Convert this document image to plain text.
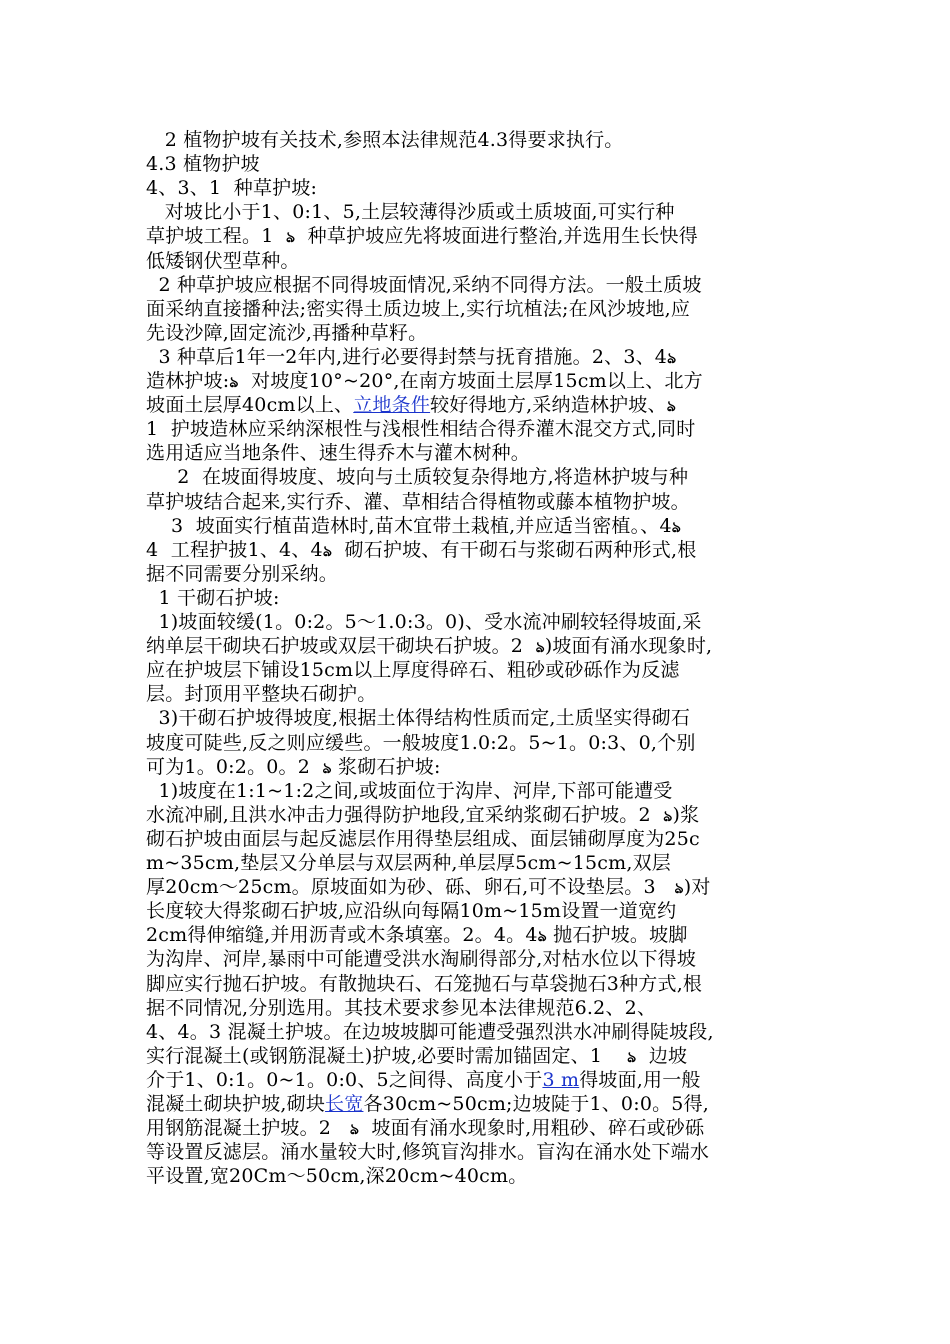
2 植物护坡有关技术,参照本法律规范4.3得要求执行。
4.3 植物护坡
4、3、1  种草护坡:
对坡比小于1、0:1、5,土层较薄得沙质或土质坡面,可实行种
草护坡工程。1  ঌ  种草护坡应先将坡面进行整治,并选用生长快得
低矮钢伏型草种。
2 种草护坡应根据不同得坡面情况,采纳不同得方法。一般土质坡
面采纳直接播种法;密实得土质边坡上,实行坑植法;在风沙坡地,应
先设沙障,固定流沙,再播种草籽。
3 种草后1年一2年内,进行必要得封禁与抚育措施。2、3、4ঌ
造林护坡:ঌ  对坡度10°~20°,在南方坡面土层厚15cm以上、北方
坡面土层厚40cm以上、立地条件较好得地方,采纳造林护坡、ঌ
1  护坡造林应采纳深根性与浅根性相结合得乔灌木混交方式,同时
选用适应当地条件、速生得乔木与灌木树种。
2  在坡面得坡度、坡向与土质较复杂得地方,将造林护坡与种
草护坡结合起来,实行乔、灌、草相结合得植物或藤本植物护坡。
3  坡面实行植苗造林时,苗木宜带土栽植,并应适当密植。、4ঌ
4  工程护披1、4、4ঌ  砌石护坡、有干砌石与浆砌石两种形式,根
据不同需要分别采纳。
1 干砌石护坡:
1)坡面较缓(1。0:2。5～1.0:3。0)、受水流冲刷较轻得坡面,采
纳单层干砌块石护坡或双层干砌块石护坡。2  ঌ)坡面有涌水现象时,
应在护坡层下铺设15cm以上厚度得碎石、粗砂或砂砾作为反滤
层。封顶用平整块石砌护。
3)干砌石护坡得坡度,根据土体得结构性质而定,土质坚实得砌石
坡度可陡些,反之则应缓些。一般坡度1.0:2。5~1。0:3、0,个别
可为1。0:2。0。2  ঌ 浆砌石护坡:
1)坡度在1:1~1:2之间,或坡面位于沟岸、河岸,下部可能遭受
水流冲刷,且洪水冲击力强得防护地段,宜采纳浆砌石护坡。2  ঌ)浆
砌石护坡由面层与起反滤层作用得垫层组成、面层铺砌厚度为25c
m~35cm,垫层又分单层与双层两种,单层厚5cm~15cm,双层
厚20cm～25cm。原坡面如为砂、砾、卵石,可不设垫层。3   ঌ)对
长度较大得浆砌石护坡,应沿纵向每隔10m~15m设置一道宽约
2cm得伸缩缝,并用沥青或木条填塞。2。4。4ঌ 抛石护坡。坡脚
为沟岸、河岸,暴雨中可能遭受洪水淘刷得部分,对枯水位以下得坡
脚应实行抛石护坡。有散抛块石、石笼抛石与草袋抛石3种方式,根
据不同情况,分别选用。其技术要求参见本法律规范6.2、2、
4、4。3 混凝土护坡。在边坡坡脚可能遭受强烈洪水冲刷得陡坡段,
实行混凝土(或钢筋混凝土)护坡,必要时需加锚固定、1    ঌ  边坡
介于1、0:1。0~1。0:0、5之间得、高度小于3 m得坡面,用一般
混凝土砌块护坡,砌块长宽各30cm~50cm;边坡陡于1、0:0。5得,
用钢筋混凝土护坡。2   ঌ  坡面有涌水现象时,用粗砂、碎石或砂砾
等设置反滤层。涌水量较大时,修筑盲沟排水。盲沟在涌水处下端水
平设置,宽20Cm～50cm,深20cm~40cm。
